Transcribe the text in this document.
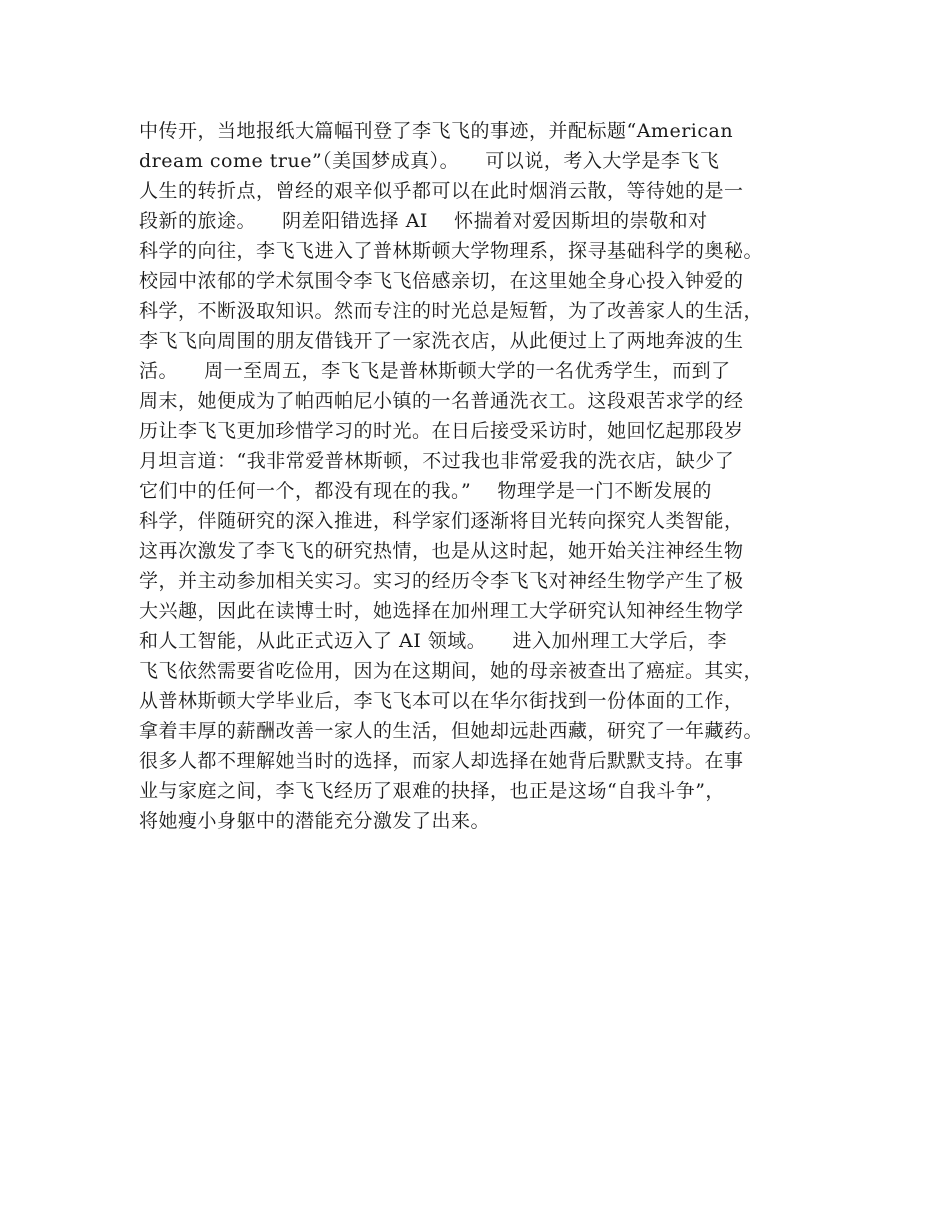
中传开，当地报纸大篇幅刊登了李飞飞的事迹，并配标题“American
dream come true”（美国梦成真）。    可以说，考入大学是李飞飞
人生的转折点，曾经的艰辛似乎都可以在此时烟消云散，等待她的是一
段新的旅途。    阴差阳错选择 AI    怀揣着对爱因斯坦的崇敬和对
科学的向往，李飞飞进入了普林斯顿大学物理系，探寻基础科学的奥秘。
校园中浓郁的学术氛围令李飞飞倍感亲切，在这里她全身心投入钟爱的
科学，不断汲取知识。然而专注的时光总是短暂，为了改善家人的生活，
李飞飞向周围的朋友借钱开了一家洗衣店，从此便过上了两地奔波的生
活。    周一至周五，李飞飞是普林斯顿大学的一名优秀学生，而到了
周末，她便成为了帕西帕尼小镇的一名普通洗衣工。这段艰苦求学的经
历让李飞飞更加珍惜学习的时光。在日后接受采访时，她回忆起那段岁
月坦言道：“我非常爱普林斯顿，不过我也非常爱我的洗衣店，缺少了
它们中的任何一个，都没有现在的我。”    物理学是一门不断发展的
科学，伴随研究的深入推进，科学家们逐渐将目光转向探究人类智能，
这再次激发了李飞飞的研究热情，也是从这时起，她开始关注神经生物
学，并主动参加相关实习。实习的经历令李飞飞对神经生物学产生了极
大兴趣，因此在读博士时，她选择在加州理工大学研究认知神经生物学
和人工智能，从此正式迈入了 AI 领域。    进入加州理工大学后，李
飞飞依然需要省吃俭用，因为在这期间，她的母亲被查出了癌症。其实，
从普林斯顿大学毕业后，李飞飞本可以在华尔街找到一份体面的工作，
拿着丰厚的薪酬改善一家人的生活，但她却远赴西藏，研究了一年藏药。
很多人都不理解她当时的选择，而家人却选择在她背后默默支持。在事
业与家庭之间，李飞飞经历了艰难的抉择，也正是这场“自我斗争”，
将她瘦小身躯中的潜能充分激发了出来。
